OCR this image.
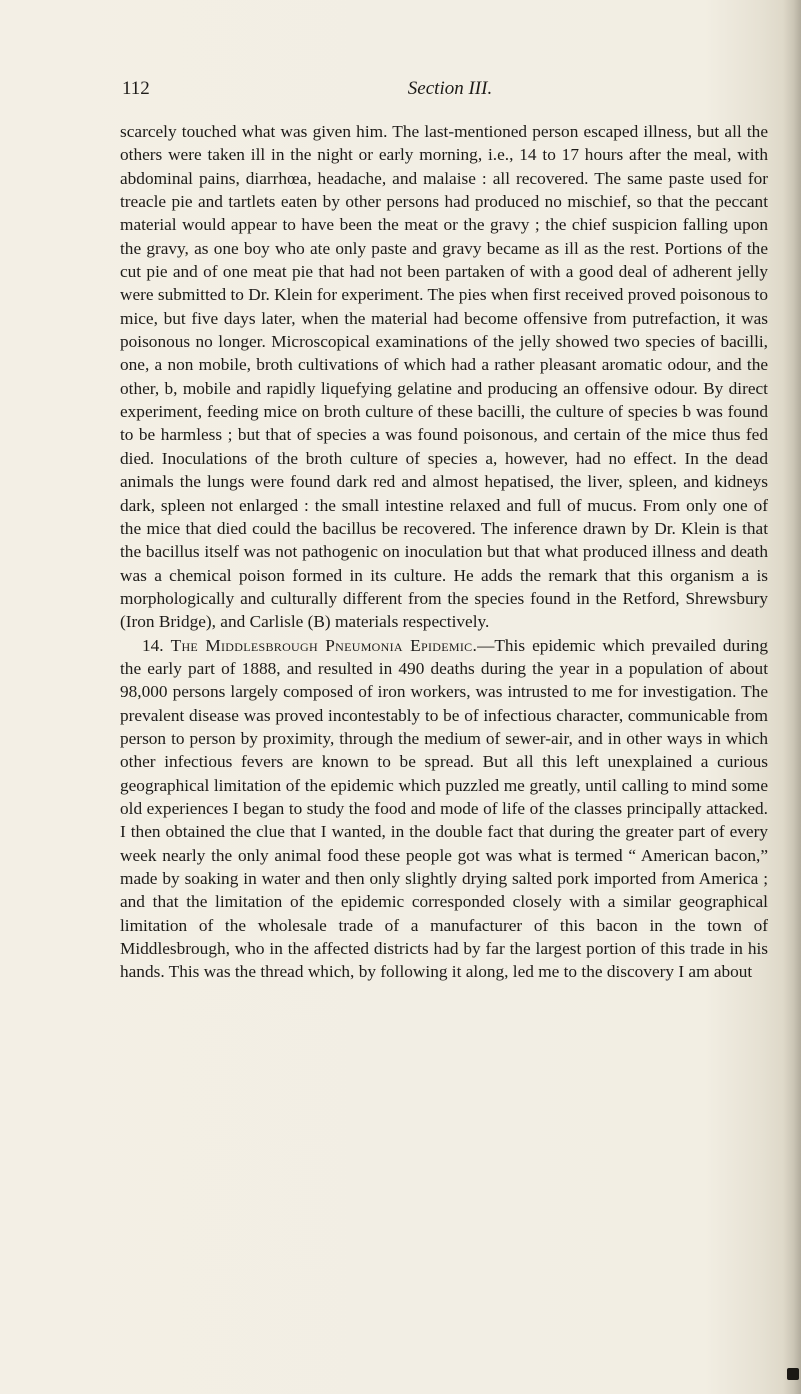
112	Section III.

scarcely touched what was given him. The last-mentioned person escaped illness, but all the others were taken ill in the night or early morning, i.e., 14 to 17 hours after the meal, with abdominal pains, diarrhœa, headache, and malaise : all recovered. The same paste used for treacle pie and tartlets eaten by other persons had produced no mischief, so that the peccant material would appear to have been the meat or the gravy ; the chief suspicion falling upon the gravy, as one boy who ate only paste and gravy became as ill as the rest. Portions of the cut pie and of one meat pie that had not been partaken of with a good deal of adherent jelly were submitted to Dr. Klein for experiment. The pies when first received proved poisonous to mice, but five days later, when the material had become offensive from putrefaction, it was poisonous no longer. Microscopical examinations of the jelly showed two species of bacilli, one, a non mobile, broth cultivations of which had a rather pleasant aromatic odour, and the other, b, mobile and rapidly liquefying gelatine and producing an offensive odour. By direct experiment, feeding mice on broth culture of these bacilli, the culture of species b was found to be harmless ; but that of species a was found poisonous, and certain of the mice thus fed died. Inoculations of the broth culture of species a, however, had no effect. In the dead animals the lungs were found dark red and almost hepatised, the liver, spleen, and kidneys dark, spleen not enlarged : the small intestine relaxed and full of mucus. From only one of the mice that died could the bacillus be recovered. The inference drawn by Dr. Klein is that the bacillus itself was not pathogenic on inoculation but that what produced illness and death was a chemical poison formed in its culture. He adds the remark that this organism a is morphologically and culturally different from the species found in the Retford, Shrewsbury (Iron Bridge), and Carlisle (B) materials respectively.

14. The Middlesbrough Pneumonia Epidemic.—This epidemic which prevailed during the early part of 1888, and resulted in 490 deaths during the year in a population of about 98,000 persons largely composed of iron workers, was intrusted to me for investigation. The prevalent disease was proved incontestably to be of infectious character, communicable from person to person by proximity, through the medium of sewer-air, and in other ways in which other infectious fevers are known to be spread. But all this left unexplained a curious geographical limitation of the epidemic which puzzled me greatly, until calling to mind some old experiences I began to study the food and mode of life of the classes principally attacked. I then obtained the clue that I wanted, in the double fact that during the greater part of every week nearly the only animal food these people got was what is termed “ American bacon,” made by soaking in water and then only slightly drying salted pork imported from America ; and that the limitation of the epidemic corresponded closely with a similar geographical limitation of the wholesale trade of a manufacturer of this bacon in the town of Middlesbrough, who in the affected districts had by far the largest portion of this trade in his hands. This was the thread which, by following it along, led me to the discovery I am about
